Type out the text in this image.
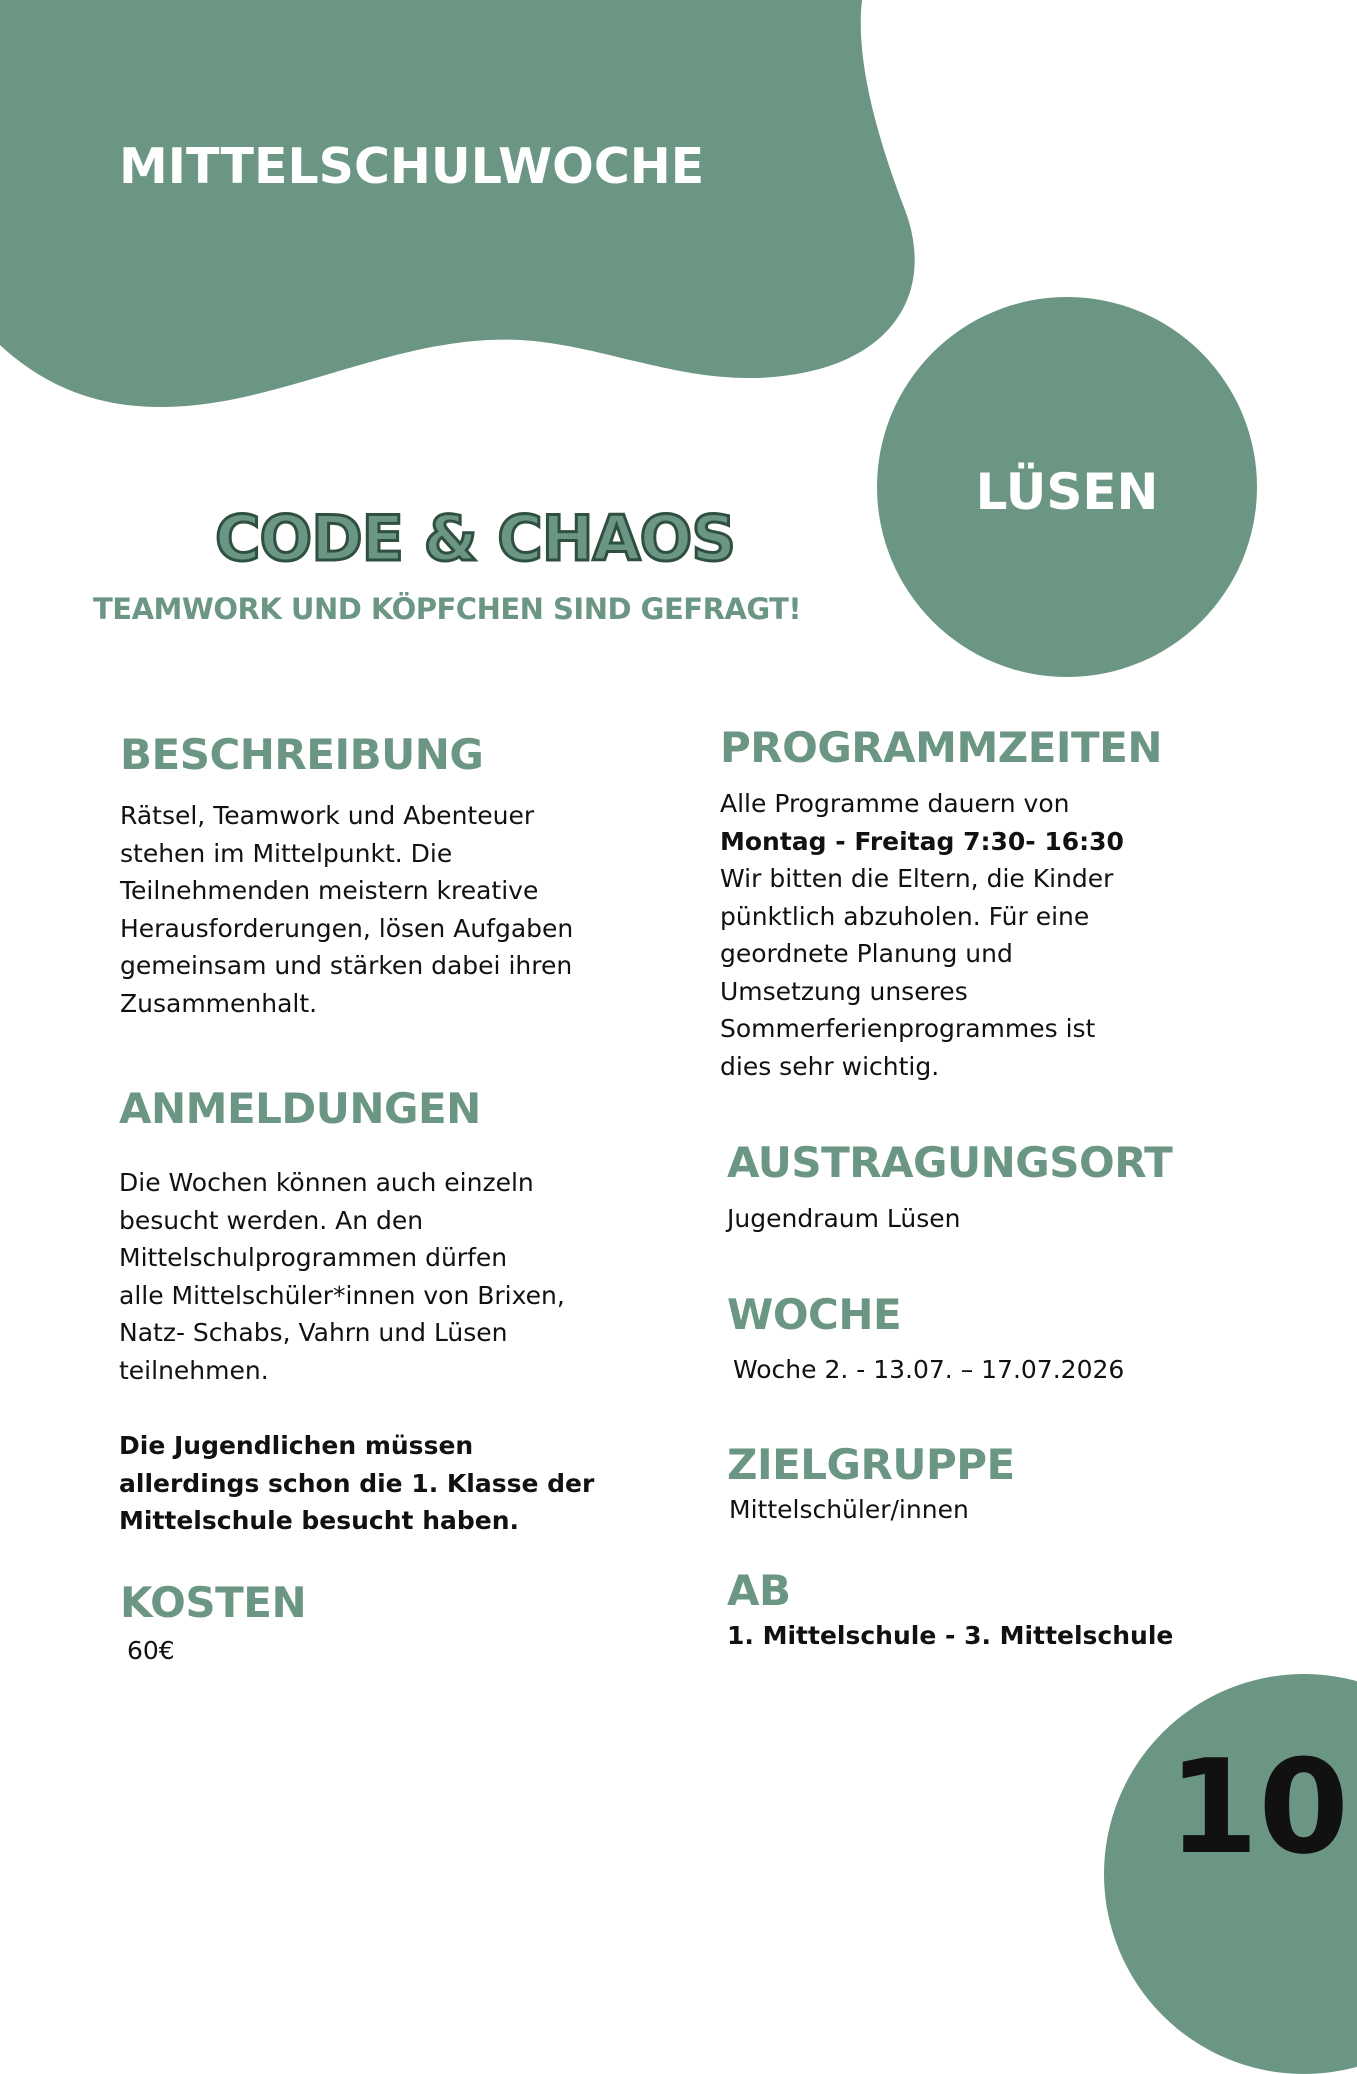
MITTELSCHULWOCHE
LÜSEN
CODE & CHAOS
TEAMWORK UND KÖPFCHEN SIND GEFRAGT!
BESCHREIBUNG

Rätsel, Teamwork und Abenteuer
stehen im Mittelpunkt. Die
Teilnehmenden meistern kreative
Herausforderungen, lösen Aufgaben
gemeinsam und stärken dabei ihren
Zusammenhalt.

ANMELDUNGEN

Die Wochen können auch einzeln
besucht werden. An den
Mittelschulprogrammen dürfen
alle Mittelschüler*innen von Brixen,
Natz- Schabs, Vahrn und Lüsen
teilnehmen.

Die Jugendlichen müssen
allerdings schon die 1. Klasse der
Mittelschule besucht haben.

KOSTEN
60€
PROGRAMMZEITEN
Alle Programme dauern von
Montag - Freitag 7:30- 16:30

Wir bitten die Eltern, die Kinder
pünktlich abzuholen. Für eine
geordnete Planung und
Umsetzung unseres
Sommerferienprogrammes ist
dies sehr wichtig.

AUSTRAGUNGSORT
Jugendraum Lüsen
WOCHE
Woche 2. - 13.07. – 17.07.2026
ZIELGRUPPE
Mittelschüler/innen
AB
1. Mittelschule - 3. Mittelschule
10
